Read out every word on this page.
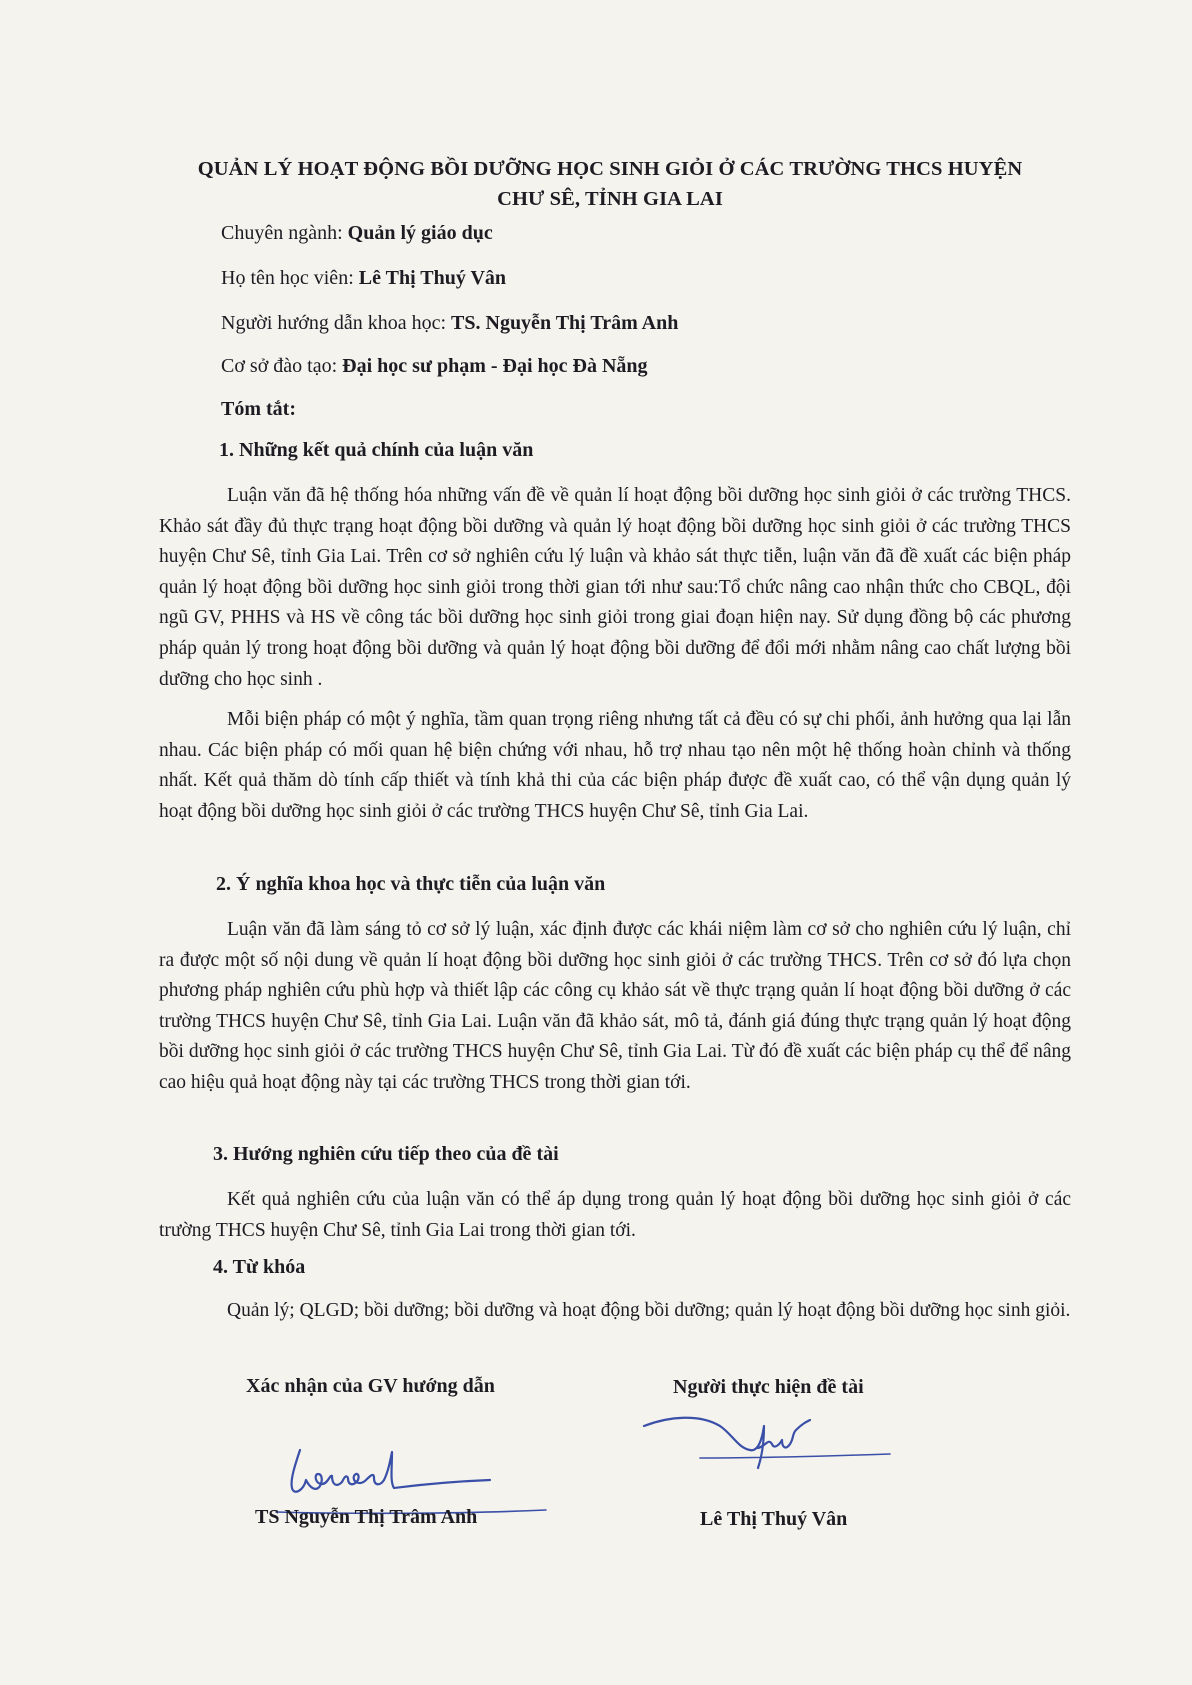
QUẢN LÝ HOẠT ĐỘNG BỒI DƯỠNG HỌC SINH GIỎI Ở CÁC TRƯỜNG THCS HUYỆN
CHƯ SÊ, TỈNH GIA LAI
Chuyên ngành: Quản lý giáo dục
Họ tên học viên: Lê Thị Thuý Vân
Người hướng dẫn khoa học: TS. Nguyễn Thị Trâm Anh
Cơ sở đào tạo: Đại học sư phạm - Đại học Đà Nẵng
Tóm tắt:
1. Những kết quả chính của luận văn

Luận văn đã hệ thống hóa những vấn đề về quản lí hoạt động bồi dưỡng học sinh giỏi ở các trường THCS. Khảo sát đầy đủ thực trạng hoạt động bồi dưỡng và quản lý hoạt động bồi dưỡng học sinh giỏi ở các trường THCS huyện Chư Sê, tỉnh Gia Lai. Trên cơ sở nghiên cứu lý luận và khảo sát thực tiễn, luận văn đã đề xuất các biện pháp quản lý hoạt động bồi dưỡng học sinh giỏi trong thời gian tới như sau:Tổ chức nâng cao nhận thức cho CBQL, đội ngũ GV, PHHS và HS về công tác bồi dưỡng học sinh giỏi trong giai đoạn hiện nay. Sử dụng đồng bộ các phương pháp quản lý trong hoạt động bồi dưỡng và quản lý hoạt động bồi dưỡng để đổi mới nhằm nâng cao chất lượng bồi dưỡng cho học sinh .

Mỗi biện pháp có một ý nghĩa, tầm quan trọng riêng nhưng tất cả đều có sự chi phối, ảnh hưởng qua lại lẫn nhau. Các biện pháp có mối quan hệ biện chứng với nhau, hỗ trợ nhau tạo nên một hệ thống hoàn chỉnh và thống nhất. Kết quả thăm dò tính cấp thiết và tính khả thi của các biện pháp được đề xuất cao, có thể vận dụng quản lý hoạt động bồi dưỡng học sinh giỏi ở các trường THCS huyện Chư Sê, tỉnh Gia Lai.

2. Ý nghĩa khoa học và thực tiễn của luận văn

Luận văn đã làm sáng tỏ cơ sở lý luận, xác định được các khái niệm làm cơ sở cho nghiên cứu lý luận, chỉ ra được một số nội dung về quản lí hoạt động bồi dưỡng học sinh giỏi ở các trường THCS. Trên cơ sở đó lựa chọn phương pháp nghiên cứu phù hợp và thiết lập các công cụ khảo sát về thực trạng quản lí hoạt động bồi dưỡng ở các trường THCS huyện Chư Sê, tỉnh Gia Lai. Luận văn đã khảo sát, mô tả, đánh giá đúng thực trạng quản lý hoạt động bồi dưỡng học sinh giỏi ở các trường THCS huyện Chư Sê, tỉnh Gia Lai. Từ đó đề xuất các biện pháp cụ thể để nâng cao hiệu quả hoạt động này tại các trường THCS trong thời gian tới.

3. Hướng nghiên cứu tiếp theo của đề tài

Kết quả nghiên cứu của luận văn có thể áp dụng trong quản lý hoạt động bồi dưỡng học sinh giỏi ở các trường THCS huyện Chư Sê, tỉnh Gia Lai trong thời gian tới.

4. Từ khóa

Quản lý; QLGD; bồi dưỡng; bồi dưỡng và hoạt động bồi dưỡng; quản lý hoạt động bồi dưỡng học sinh giỏi.

Xác nhận của GV hướng dẫn	Người thực hiện đề tài
TS Nguyễn Thị Trâm Anh	Lê Thị Thuý Vân
